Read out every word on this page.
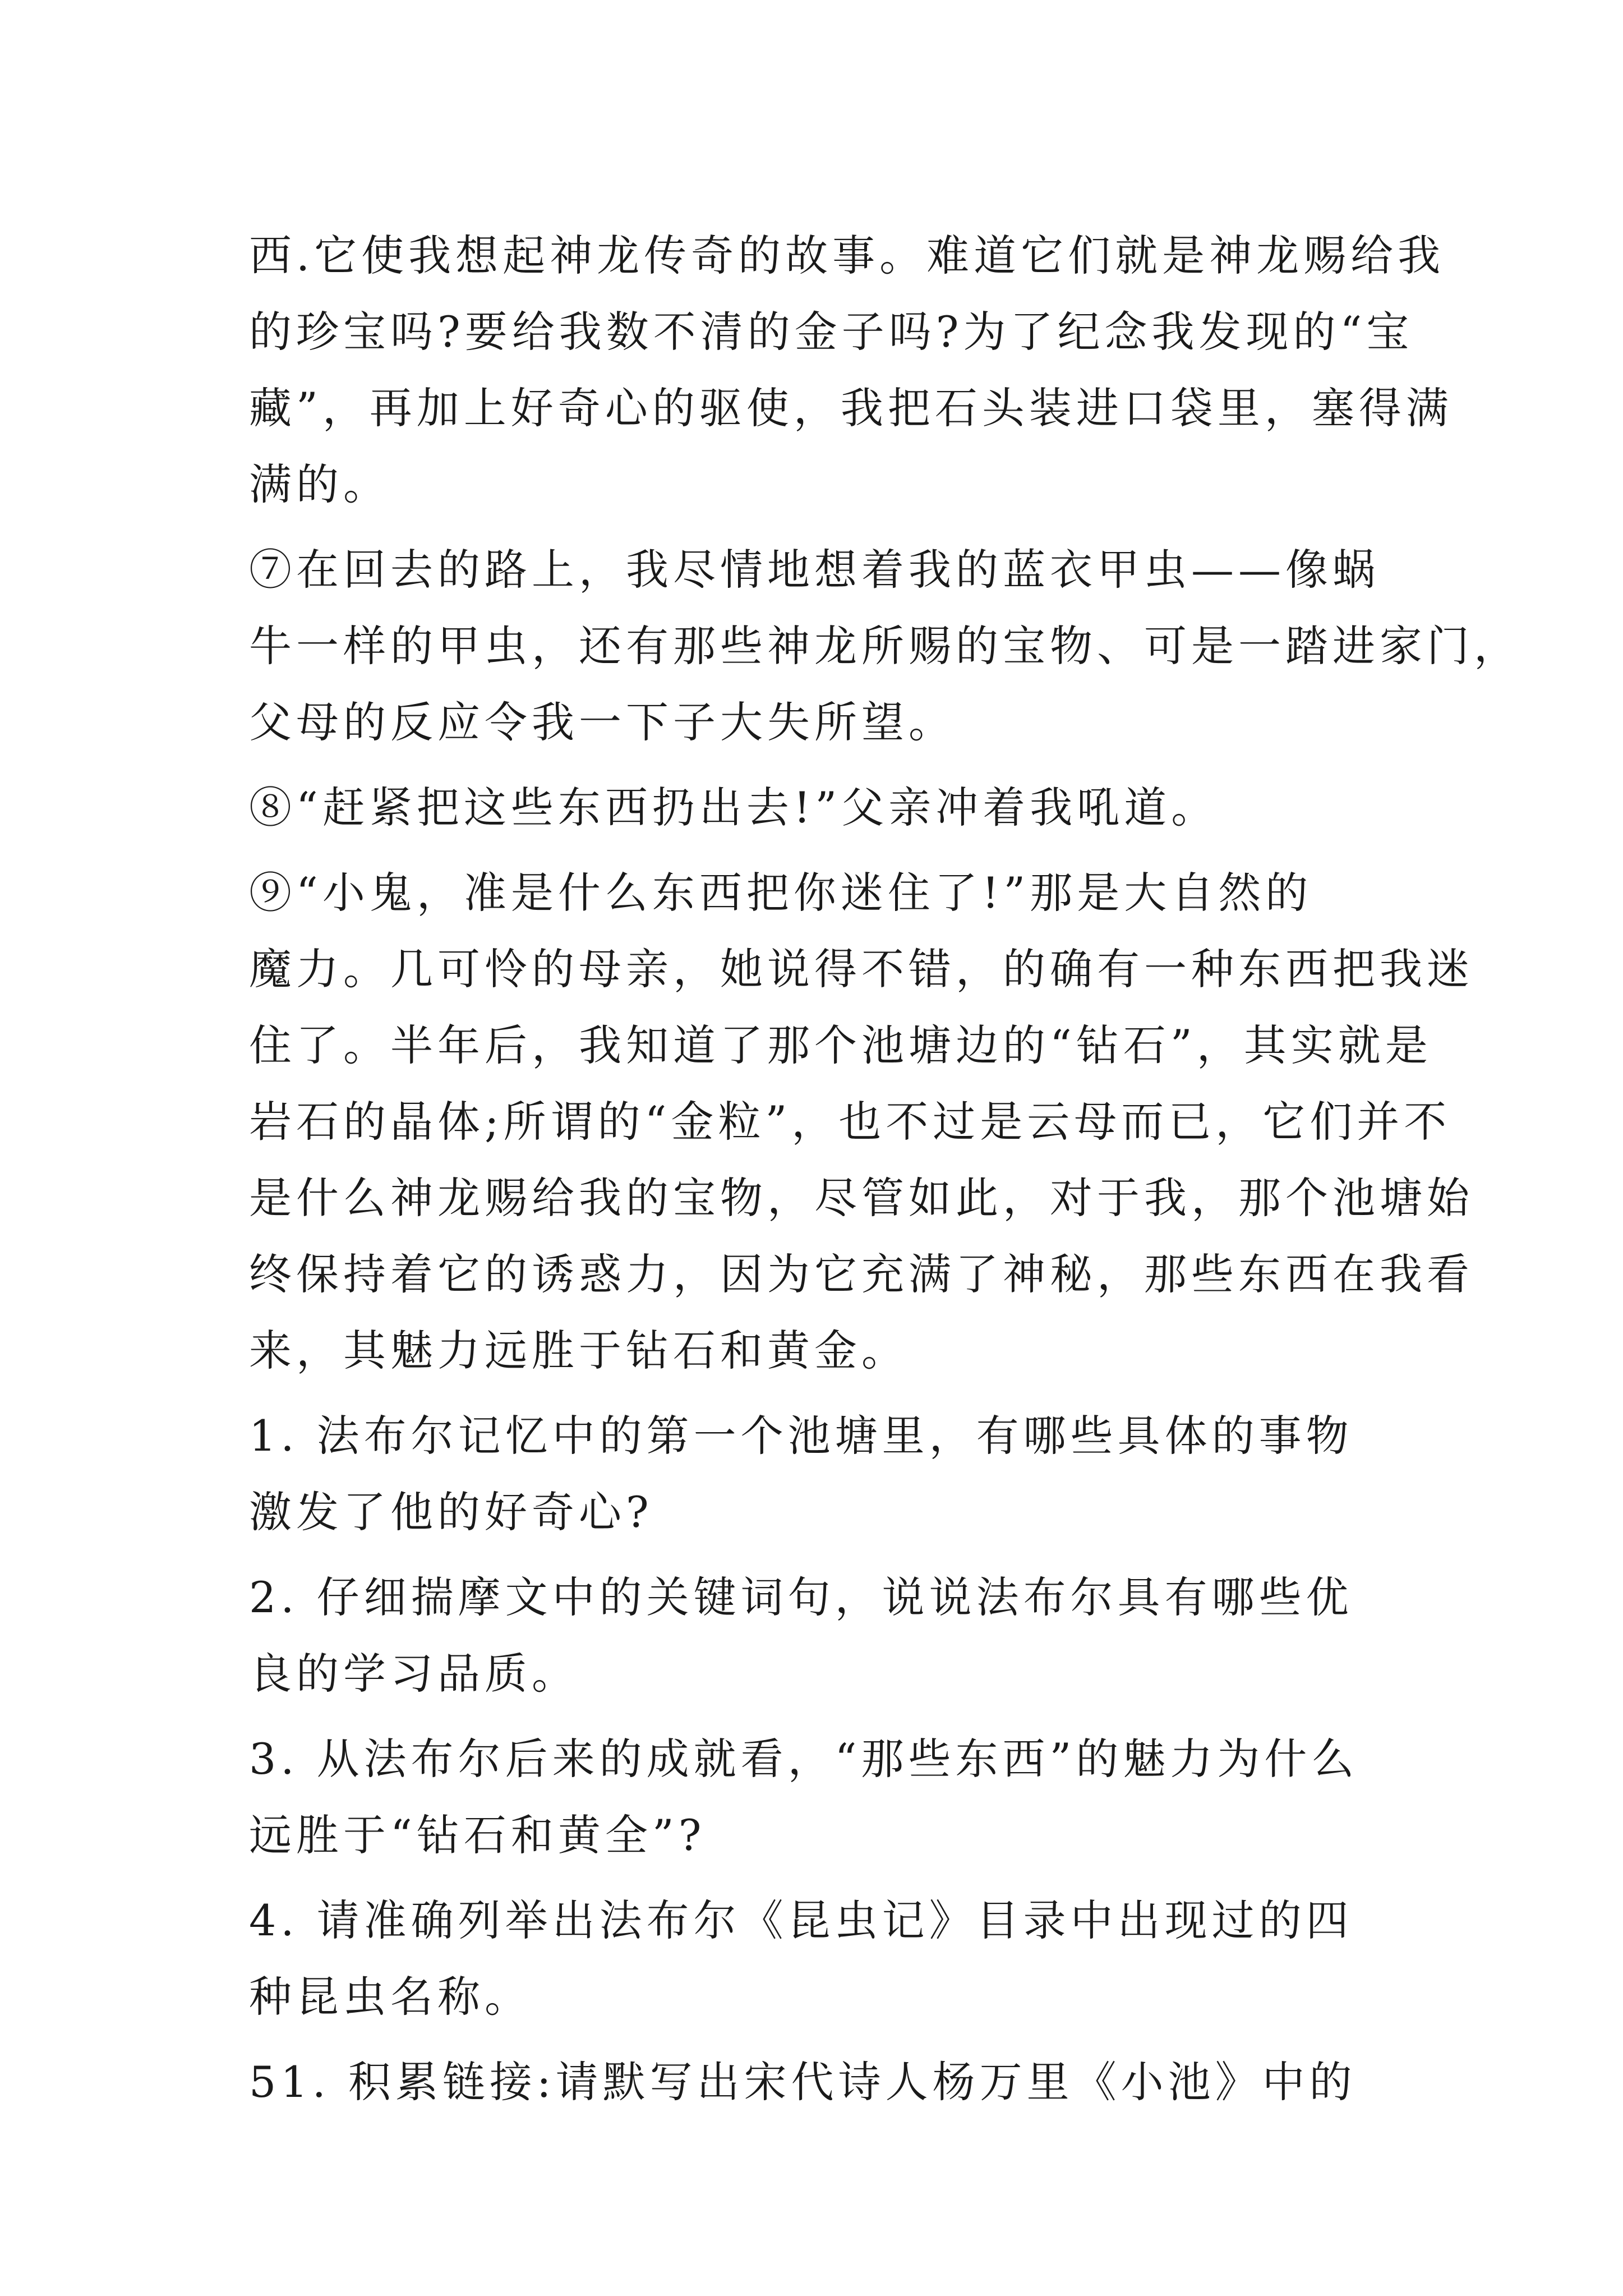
西.它使我想起神龙传奇的故事。难道它们就是神龙赐给我
的珍宝吗?要给我数不清的金子吗?为了纪念我发现的“宝
藏”，再加上好奇心的驱使，我把石头装进口袋里，塞得满
满的。
⑦在回去的路上，我尽情地想着我的蓝衣甲虫——像蜗
牛一样的甲虫，还有那些神龙所赐的宝物、可是一踏进家门，
父母的反应令我一下子大失所望。
⑧“赶紧把这些东西扔出去!”父亲冲着我吼道。
⑨“小鬼，准是什么东西把你迷住了!”那是大自然的
魔力。几可怜的母亲，她说得不错，的确有一种东西把我迷
住了。半年后，我知道了那个池塘边的“钻石”，其实就是
岩石的晶体;所谓的“金粒”，也不过是云母而已，它们并不
是什么神龙赐给我的宝物，尽管如此，对于我，那个池塘始
终保持着它的诱惑力，因为它充满了神秘，那些东西在我看
来，其魅力远胜于钻石和黄金。
1. 法布尔记忆中的第一个池塘里，有哪些具体的事物
激发了他的好奇心?
2. 仔细揣摩文中的关键词句，说说法布尔具有哪些优
良的学习品质。
3. 从法布尔后来的成就看，“那些东西”的魅力为什么
远胜于“钻石和黄全”?
4. 请准确列举出法布尔《昆虫记》目录中出现过的四
种昆虫名称。
51. 积累链接:请默写出宋代诗人杨万里《小池》中的
